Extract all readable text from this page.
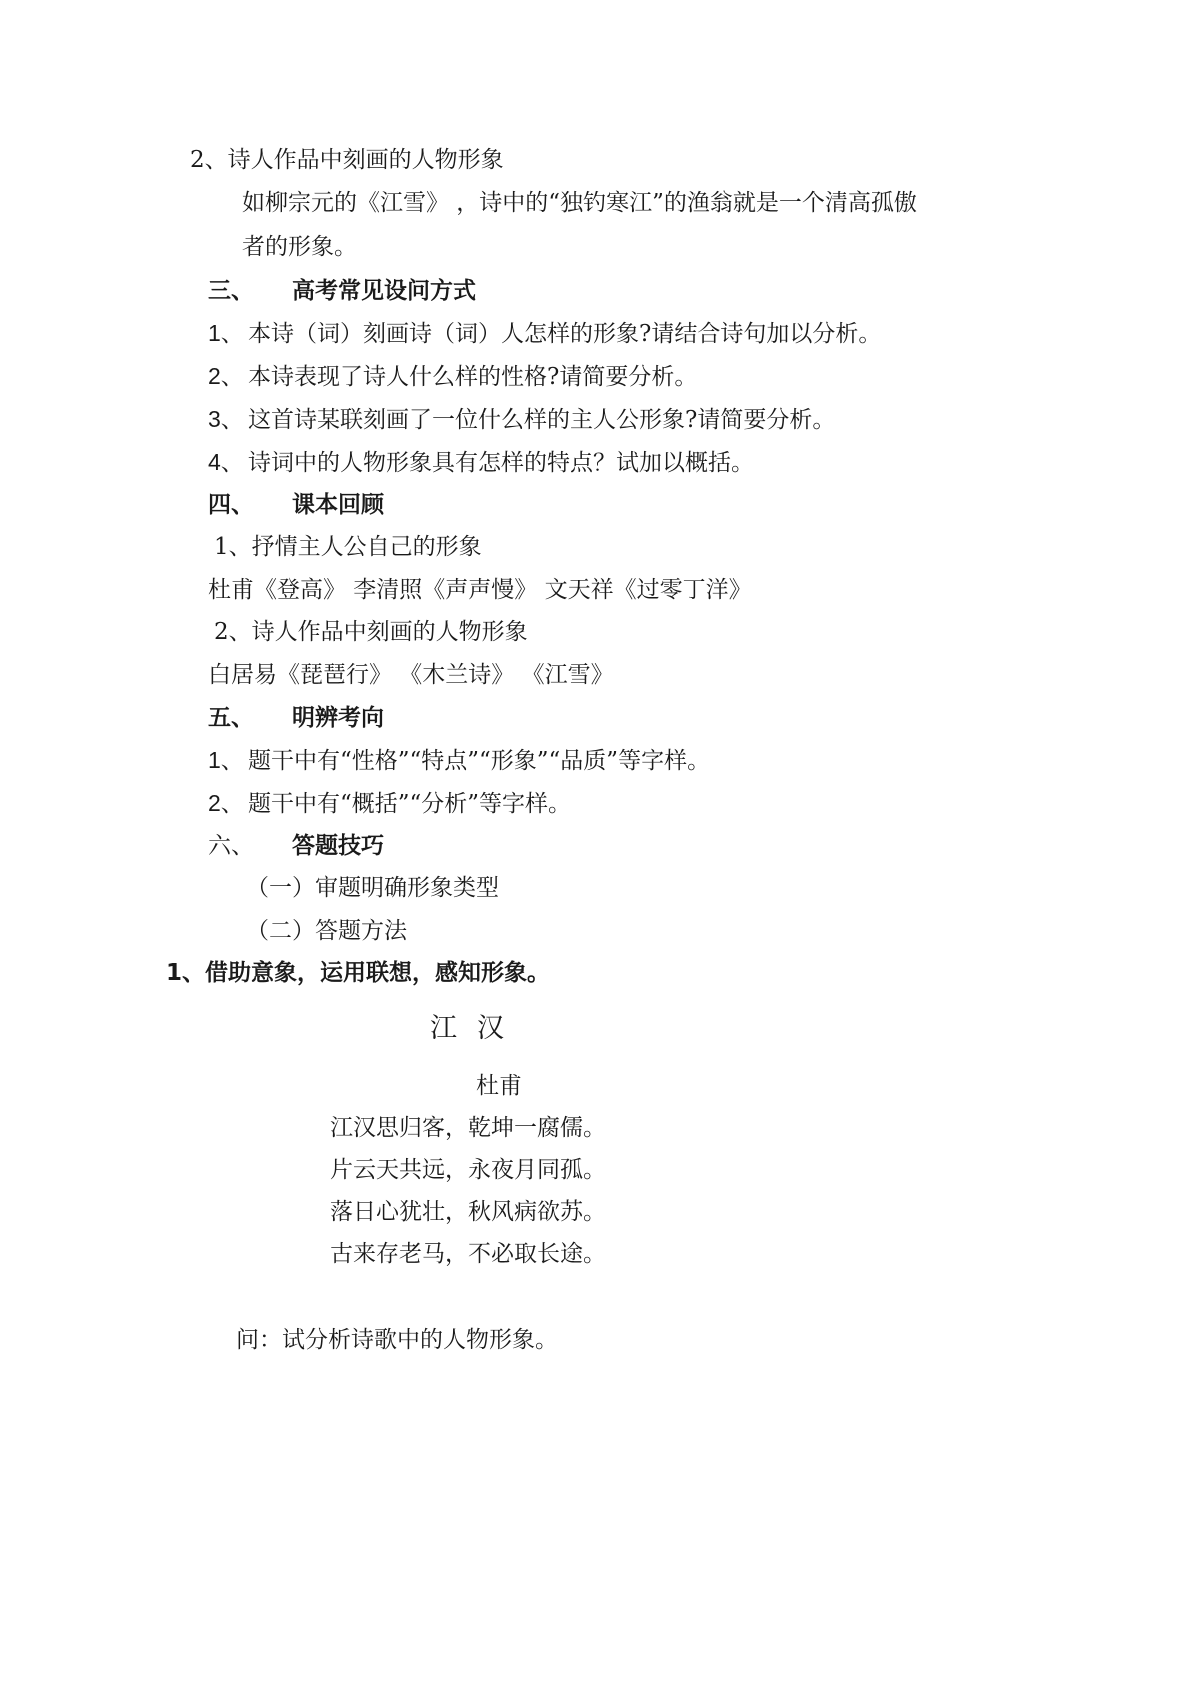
2、诗人作品中刻画的人物形象
如柳宗元的《江雪》 ，诗中的“独钓寒江”的渔翁就是一个清高孤傲
者的形象。
三、 高考常见设问方式
1、 本诗（词）刻画诗（词）人怎样的形象?请结合诗句加以分析。
2、 本诗表现了诗人什么样的性格?请简要分析。
3、 这首诗某联刻画了一位什么样的主人公形象?请简要分析。
4、 诗词中的人物形象具有怎样的特点？试加以概括。
四、 课本回顾
1、抒情主人公自己的形象
杜甫《登高》 李清照《声声慢》 文天祥《过零丁洋》
2、诗人作品中刻画的人物形象
白居易《琵琶行》 《木兰诗》 《江雪》
五、 明辨考向
1、 题干中有“性格”“特点”“形象”“品质”等字样。
2、 题干中有“概括”“分析”等字样。
六、 答题技巧
（一）审题明确形象类型
（二）答题方法
1、借助意象，运用联想，感知形象。
江汉
杜甫
江汉思归客，乾坤一腐儒。
片云天共远，永夜月同孤。
落日心犹壮，秋风病欲苏。
古来存老马，不必取长途。
问：试分析诗歌中的人物形象。
